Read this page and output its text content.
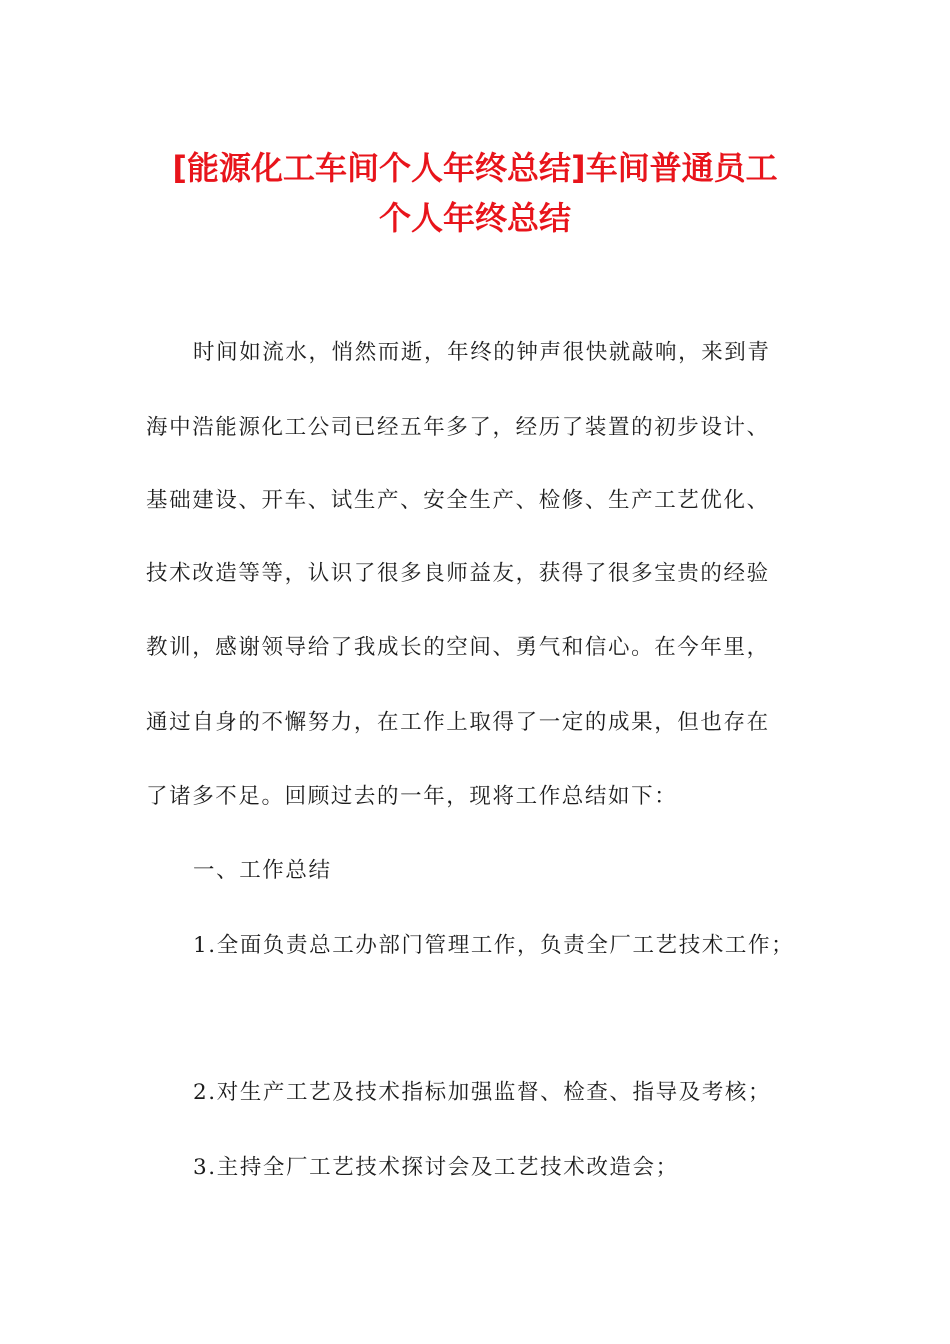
[能源化工车间个人年终总结]车间普通员工
个人年终总结
时间如流水，悄然而逝，年终的钟声很快就敲响，来到青
海中浩能源化工公司已经五年多了，经历了装置的初步设计、
基础建设、开车、试生产、安全生产、检修、生产工艺优化、
技术改造等等，认识了很多良师益友，获得了很多宝贵的经验
教训，感谢领导给了我成长的空间、勇气和信心。在今年里，
通过自身的不懈努力，在工作上取得了一定的成果，但也存在
了诸多不足。回顾过去的一年，现将工作总结如下：
一、工作总结
1.全面负责总工办部门管理工作，负责全厂工艺技术工作；
2.对生产工艺及技术指标加强监督、检查、指导及考核；
3.主持全厂工艺技术探讨会及工艺技术改造会；
